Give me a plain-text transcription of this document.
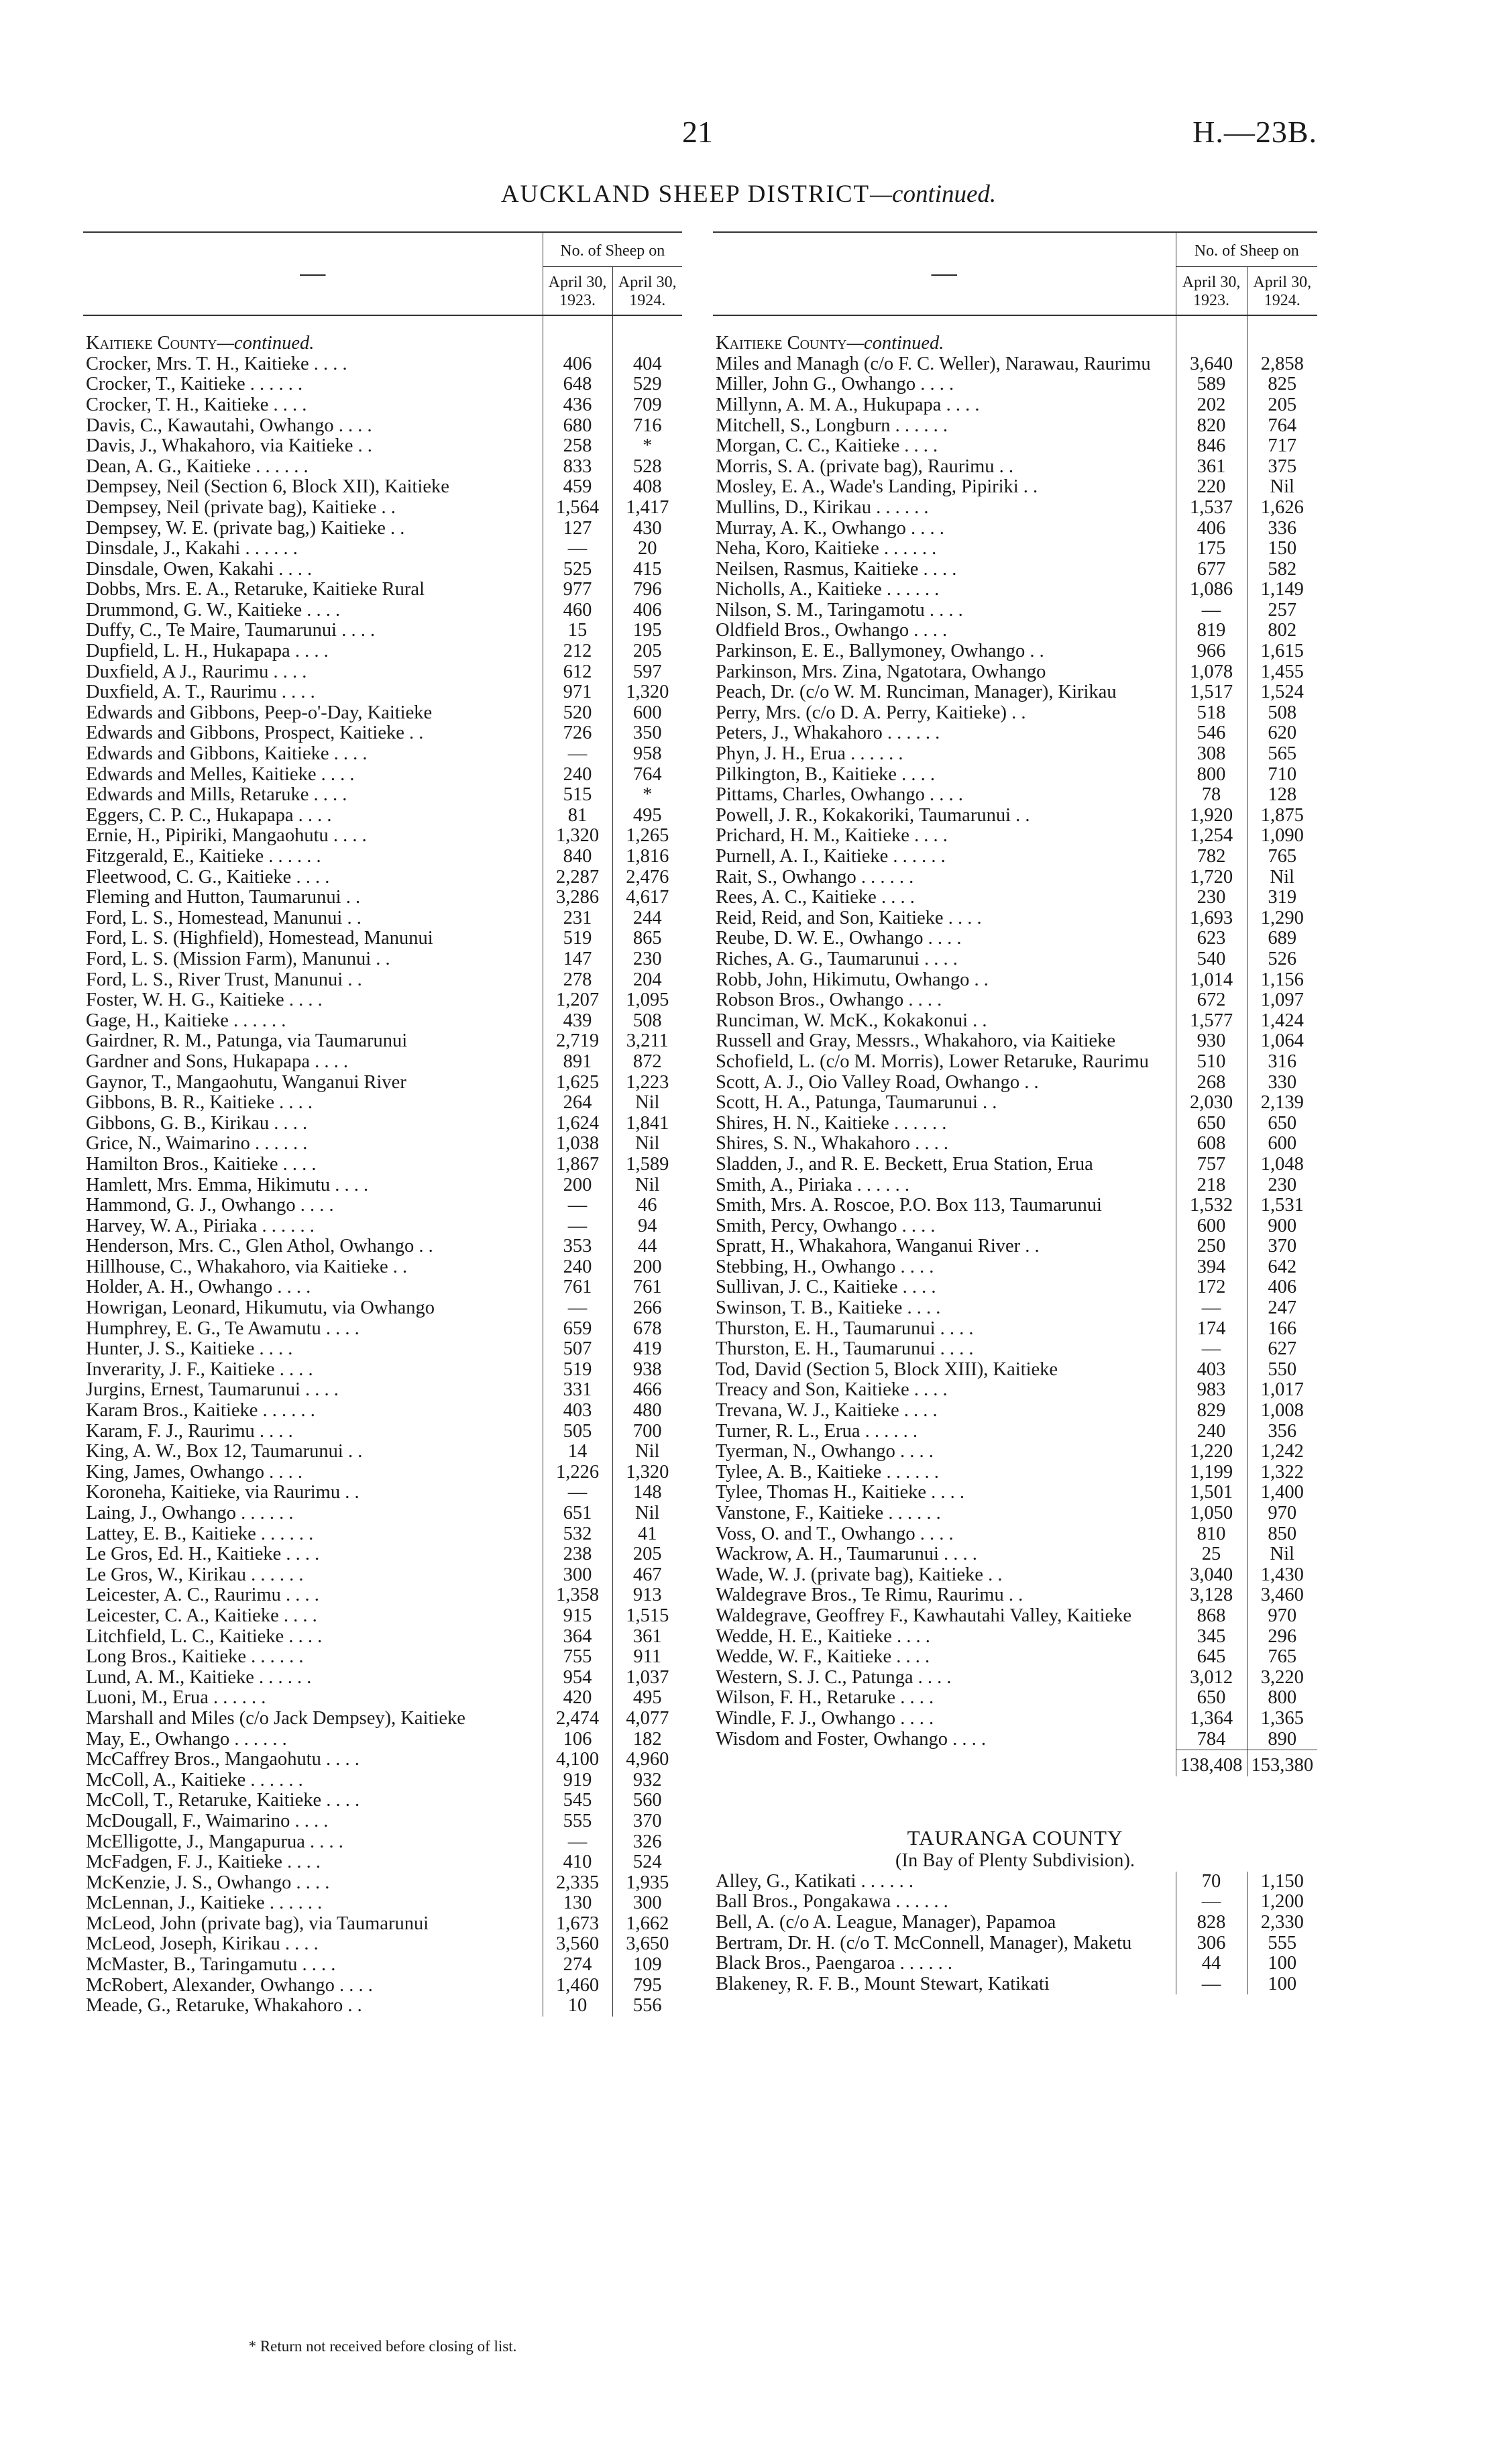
21	H.—23B.
AUCKLAND SHEEP DISTRICT—continued.
—	No. of Sheep on	
	April 30, 1923.	April 30, 1924.
Kaitieke County—continued.		
Crocker, Mrs. T. H., Kaitieke . . . .	406	404
Crocker, T., Kaitieke . . . . . .	648	529
Crocker, T. H., Kaitieke . . . .	436	709
Davis, C., Kawautahi, Owhango . . . .	680	716
Davis, J., Whakahoro, via Kaitieke . .	258	*
Dean, A. G., Kaitieke . . . . . .	833	528
Dempsey, Neil (Section 6, Block XII), Kaitieke	459	408
Dempsey, Neil (private bag), Kaitieke . .	1,564	1,417
Dempsey, W. E. (private bag,) Kaitieke . .	127	430
Dinsdale, J., Kakahi . . . . . .	—	20
Dinsdale, Owen, Kakahi . . . .	525	415
Dobbs, Mrs. E. A., Retaruke, Kaitieke Rural	977	796
Drummond, G. W., Kaitieke . . . .	460	406
Duffy, C., Te Maire, Taumarunui . . . .	15	195
Dupfield, L. H., Hukapapa . . . .	212	205
Duxfield, A J., Raurimu . . . .	612	597
Duxfield, A. T., Raurimu . . . .	971	1,320
Edwards and Gibbons, Peep-o'-Day, Kaitieke	520	600
Edwards and Gibbons, Prospect, Kaitieke . .	726	350
Edwards and Gibbons, Kaitieke . . . .	—	958
Edwards and Melles, Kaitieke . . . .	240	764
Edwards and Mills, Retaruke . . . .	515	*
Eggers, C. P. C., Hukapapa . . . .	81	495
Ernie, H., Pipiriki, Mangaohutu . . . .	1,320	1,265
Fitzgerald, E., Kaitieke . . . . . .	840	1,816
Fleetwood, C. G., Kaitieke . . . .	2,287	2,476
Fleming and Hutton, Taumarunui . .	3,286	4,617
Ford, L. S., Homestead, Manunui . .	231	244
Ford, L. S. (Highfield), Homestead, Manunui	519	865
Ford, L. S. (Mission Farm), Manunui . .	147	230
Ford, L. S., River Trust, Manunui . .	278	204
Foster, W. H. G., Kaitieke . . . .	1,207	1,095
Gage, H., Kaitieke . . . . . .	439	508
Gairdner, R. M., Patunga, via Taumarunui	2,719	3,211
Gardner and Sons, Hukapapa . . . .	891	872
Gaynor, T., Mangaohutu, Wanganui River	1,625	1,223
Gibbons, B. R., Kaitieke . . . .	264	Nil
Gibbons, G. B., Kirikau . . . .	1,624	1,841
Grice, N., Waimarino . . . . . .	1,038	Nil
Hamilton Bros., Kaitieke . . . .	1,867	1,589
Hamlett, Mrs. Emma, Hikimutu . . . .	200	Nil
Hammond, G. J., Owhango . . . .	—	46
Harvey, W. A., Piriaka . . . . . .	—	94
Henderson, Mrs. C., Glen Athol, Owhango . .	353	44
Hillhouse, C., Whakahoro, via Kaitieke . .	240	200
Holder, A. H., Owhango . . . .	761	761
Howrigan, Leonard, Hikumutu, via Owhango	—	266
Humphrey, E. G., Te Awamutu . . . .	659	678
Hunter, J. S., Kaitieke . . . .	507	419
Inverarity, J. F., Kaitieke . . . .	519	938
Jurgins, Ernest, Taumarunui . . . .	331	466
Karam Bros., Kaitieke . . . . . .	403	480
Karam, F. J., Raurimu . . . .	505	700
King, A. W., Box 12, Taumarunui . .	14	Nil
King, James, Owhango . . . .	1,226	1,320
Koroneha, Kaitieke, via Raurimu . .	—	148
Laing, J., Owhango . . . . . .	651	Nil
Lattey, E. B., Kaitieke . . . . . .	532	41
Le Gros, Ed. H., Kaitieke . . . .	238	205
Le Gros, W., Kirikau . . . . . .	300	467
Leicester, A. C., Raurimu . . . .	1,358	913
Leicester, C. A., Kaitieke . . . .	915	1,515
Litchfield, L. C., Kaitieke . . . .	364	361
Long Bros., Kaitieke . . . . . .	755	911
Lund, A. M., Kaitieke . . . . . .	954	1,037
Luoni, M., Erua . . . . . .	420	495
Marshall and Miles (c/o Jack Dempsey), Kaitieke	2,474	4,077
May, E., Owhango . . . . . .	106	182
McCaffrey Bros., Mangaohutu . . . .	4,100	4,960
McColl, A., Kaitieke . . . . . .	919	932
McColl, T., Retaruke, Kaitieke . . . .	545	560
McDougall, F., Waimarino . . . .	555	370
McElligotte, J., Mangapurua . . . .	—	326
McFadgen, F. J., Kaitieke . . . .	410	524
McKenzie, J. S., Owhango . . . .	2,335	1,935
McLennan, J., Kaitieke . . . . . .	130	300
McLeod, John (private bag), via Taumarunui	1,673	1,662
McLeod, Joseph, Kirikau . . . .	3,560	3,650
McMaster, B., Taringamutu . . . .	274	109
McRobert, Alexander, Owhango . . . .	1,460	795
Meade, G., Retaruke, Whakahoro . .	10	556
—	No. of Sheep on	
	April 30, 1923.	April 30, 1924.
Kaitieke County—continued.		
Miles and Managh (c/o F. C. Weller), Narawau, Raurimu	3,640	2,858
Miller, John G., Owhango . . . .	589	825
Millynn, A. M. A., Hukupapa . . . .	202	205
Mitchell, S., Longburn . . . . . .	820	764
Morgan, C. C., Kaitieke . . . .	846	717
Morris, S. A. (private bag), Raurimu . .	361	375
Mosley, E. A., Wade's Landing, Pipiriki . .	220	Nil
Mullins, D., Kirikau . . . . . .	1,537	1,626
Murray, A. K., Owhango . . . .	406	336
Neha, Koro, Kaitieke . . . . . .	175	150
Neilsen, Rasmus, Kaitieke . . . .	677	582
Nicholls, A., Kaitieke . . . . . .	1,086	1,149
Nilson, S. M., Taringamotu . . . .	—	257
Oldfield Bros., Owhango . . . .	819	802
Parkinson, E. E., Ballymoney, Owhango . .	966	1,615
Parkinson, Mrs. Zina, Ngatotara, Owhango	1,078	1,455
Peach, Dr. (c/o W. M. Runciman, Manager), Kirikau	1,517	1,524
Perry, Mrs. (c/o D. A. Perry, Kaitieke) . .	518	508
Peters, J., Whakahoro . . . . . .	546	620
Phyn, J. H., Erua . . . . . .	308	565
Pilkington, B., Kaitieke . . . .	800	710
Pittams, Charles, Owhango . . . .	78	128
Powell, J. R., Kokakoriki, Taumarunui . .	1,920	1,875
Prichard, H. M., Kaitieke . . . .	1,254	1,090
Purnell, A. I., Kaitieke . . . . . .	782	765
Rait, S., Owhango . . . . . .	1,720	Nil
Rees, A. C., Kaitieke . . . .	230	319
Reid, Reid, and Son, Kaitieke . . . .	1,693	1,290
Reube, D. W. E., Owhango . . . .	623	689
Riches, A. G., Taumarunui . . . .	540	526
Robb, John, Hikimutu, Owhango . .	1,014	1,156
Robson Bros., Owhango . . . .	672	1,097
Runciman, W. McK., Kokakonui . .	1,577	1,424
Russell and Gray, Messrs., Whakahoro, via Kaitieke	930	1,064
Schofield, L. (c/o M. Morris), Lower Retaruke, Raurimu	510	316
Scott, A. J., Oio Valley Road, Owhango . .	268	330
Scott, H. A., Patunga, Taumarunui . .	2,030	2,139
Shires, H. N., Kaitieke . . . . . .	650	650
Shires, S. N., Whakahoro . . . .	608	600
Sladden, J., and R. E. Beckett, Erua Station, Erua	757	1,048
Smith, A., Piriaka . . . . . .	218	230
Smith, Mrs. A. Roscoe, P.O. Box 113, Taumarunui	1,532	1,531
Smith, Percy, Owhango . . . .	600	900
Spratt, H., Whakahora, Wanganui River . .	250	370
Stebbing, H., Owhango . . . .	394	642
Sullivan, J. C., Kaitieke . . . .	172	406
Swinson, T. B., Kaitieke . . . .	—	247
Thurston, E. H., Taumarunui . . . .	174	166
Thurston, E. H., Taumarunui . . . .	—	627
Tod, David (Section 5, Block XIII), Kaitieke	403	550
Treacy and Son, Kaitieke . . . .	983	1,017
Trevana, W. J., Kaitieke . . . .	829	1,008
Turner, R. L., Erua . . . . . .	240	356
Tyerman, N., Owhango . . . .	1,220	1,242
Tylee, A. B., Kaitieke . . . . . .	1,199	1,322
Tylee, Thomas H., Kaitieke . . . .	1,501	1,400
Vanstone, F., Kaitieke . . . . . .	1,050	970
Voss, O. and T., Owhango . . . .	810	850
Wackrow, A. H., Taumarunui . . . .	25	Nil
Wade, W. J. (private bag), Kaitieke . .	3,040	1,430
Waldegrave Bros., Te Rimu, Raurimu . .	3,128	3,460
Waldegrave, Geoffrey F., Kawhautahi Valley, Kaitieke	868	970
Wedde, H. E., Kaitieke . . . .	345	296
Wedde, W. F., Kaitieke . . . .	645	765
Western, S. J. C., Patunga . . . .	3,012	3,220
Wilson, F. H., Retaruke . . . .	650	800
Windle, F. J., Owhango . . . .	1,364	1,365
Wisdom and Foster, Owhango . . . .	784	890
	138,408	153,380
TAURANGA COUNTY		
(In Bay of Plenty Subdivision).		
Alley, G., Katikati . . . . . .	70	1,150
Ball Bros., Pongakawa . . . . . .	—	1,200
Bell, A. (c/o A. League, Manager), Papamoa	828	2,330
Bertram, Dr. H. (c/o T. McConnell, Manager), Maketu	306	555
Black Bros., Paengaroa . . . . . .	44	100
Blakeney, R. F. B., Mount Stewart, Katikati	—	100
* Return not received before closing of list.
